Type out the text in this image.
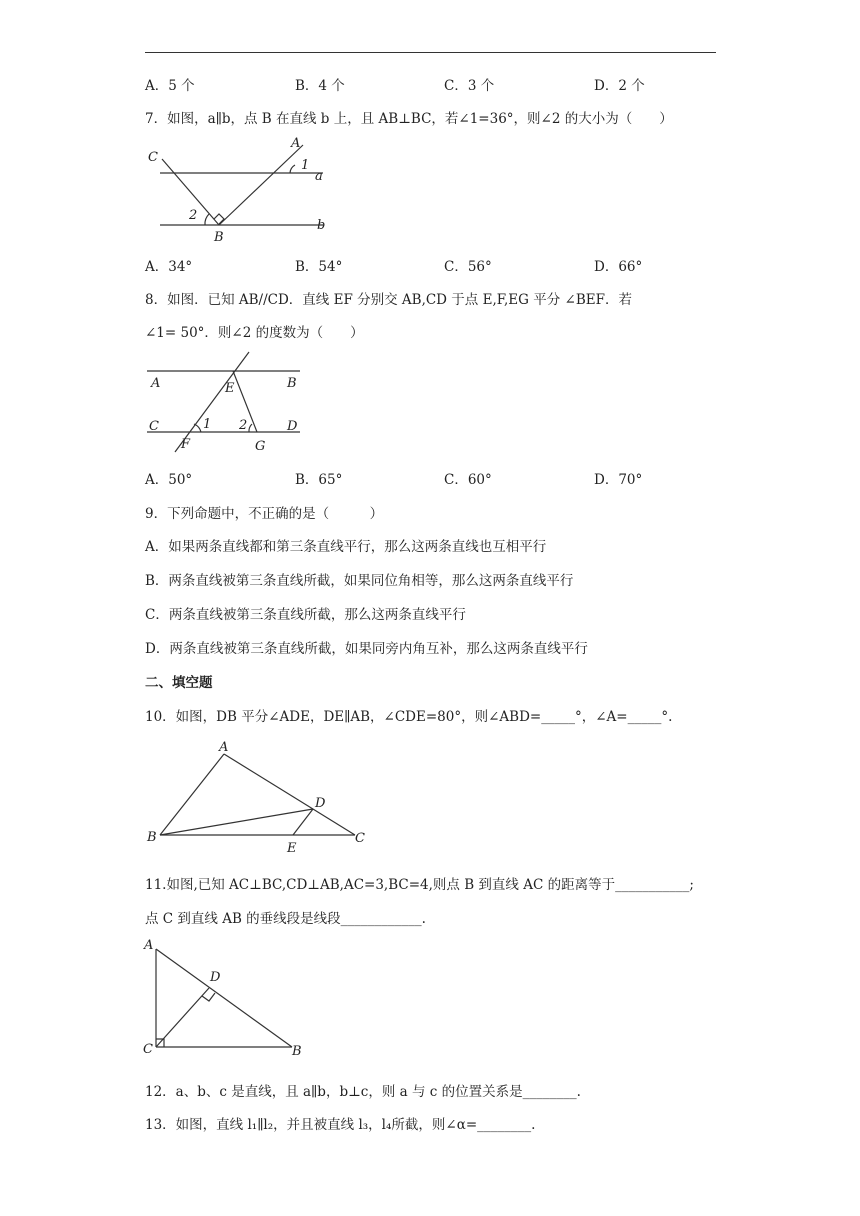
A．5 个	B．4 个	C．3 个	D．2 个
7．如图，a∥b，点 B 在直线 b 上，且 AB⊥BC，若∠1=36°，则∠2 的大小为（　　）
C
A
1
a
2
B
b
A．34°	B．54°	C．56°	D．66°
8．如图．已知 AB//CD．直线 EF 分别交 AB,CD 于点 E,F,EG 平分 ∠BEF．若
∠1= 50°．则∠2 的度数为（　　）
A	E	B
C	1 2	D
F	G
A．50°	B．65°	C．60°	D．70°
9．下列命题中，不正确的是（　　　）
A．如果两条直线都和第三条直线平行，那么这两条直线也互相平行
B．两条直线被第三条直线所截，如果同位角相等，那么这两条直线平行
C．两条直线被第三条直线所截，那么这两条直线平行
D．两条直线被第三条直线所截，如果同旁内角互补，那么这两条直线平行
二、填空题
10．如图，DB 平分∠ADE，DE∥AB，∠CDE=80°，则∠ABD=_____°，∠A=_____°.
A
D
B
E
C
11.如图,已知 AC⊥BC,CD⊥AB,AC=3,BC=4,则点 B 到直线 AC 的距离等于___________;
点 C 到直线 AB 的垂线段是线段____________.
A
D
C	B
12．a、b、c 是直线，且 a∥b，b⊥c，则 a 与 c 的位置关系是________.
13．如图，直线 l₁∥l₂，并且被直线 l₃，l₄所截，则∠α=________.
